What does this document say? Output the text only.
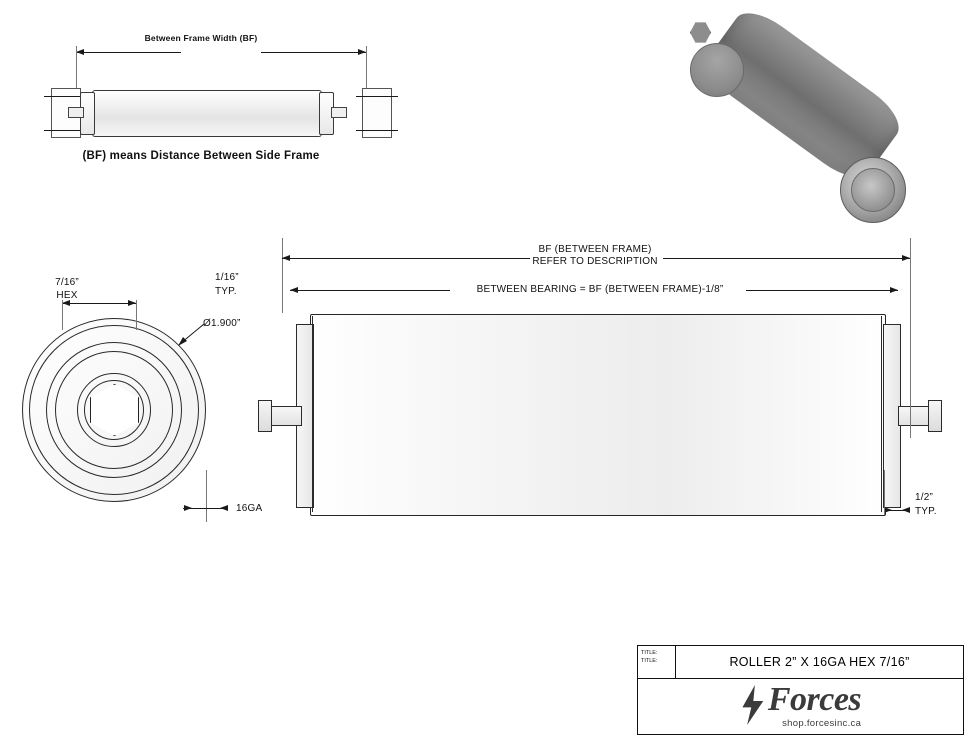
Between Frame Width (BF)
(BF) means Distance Between Side Frame
7/16”
HEX
Ø1.900”
16GA
BF (BETWEEN FRAME)
REFER TO DESCRIPTION
BETWEEN BEARING = BF (BETWEEN FRAME)-1/8”
1/16”
TYP.
1/2”
TYP.
TITLE:
TITLE:	ROLLER 2” X 16GA HEX 7/16”
Forces
shop.forcesinc.ca
